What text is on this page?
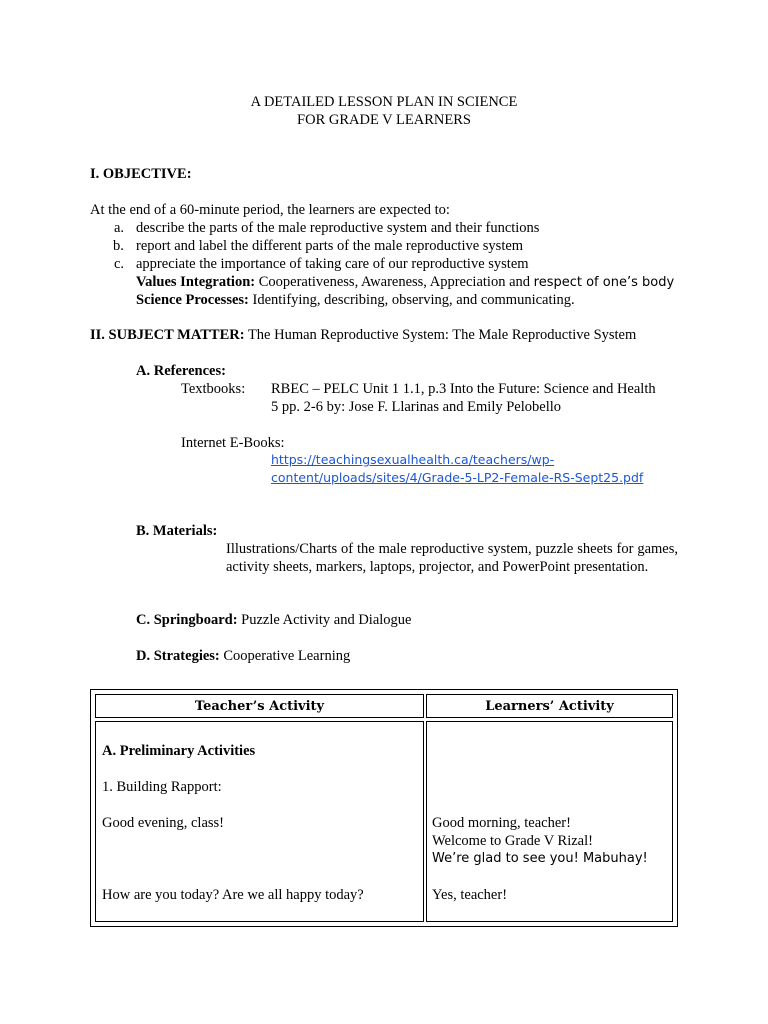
A DETAILED LESSON PLAN IN SCIENCE
FOR GRADE V LEARNERS
I. OBJECTIVE:
At the end of a 60-minute period, the learners are expected to:
a. describe the parts of the male reproductive system and their functions
b. report and label the different parts of the male reproductive system
c. appreciate the importance of taking care of our reproductive system
Values Integration: Cooperativeness, Awareness, Appreciation and respect of one’s body
Science Processes: Identifying, describing, observing, and communicating.
II. SUBJECT MATTER: The Human Reproductive System: The Male Reproductive System
A. References:
Textbooks: RBEC – PELC Unit 1 1.1, p.3 Into the Future: Science and Health
5 pp. 2-6 by: Jose F. Llarinas and Emily Pelobello
Internet E-Books:
https://teachingsexualhealth.ca/teachers/wp-
content/uploads/sites/4/Grade-5-LP2-Female-RS-Sept25.pdf
B. Materials:
Illustrations/Charts of the male reproductive system, puzzle sheets for games, activity sheets, markers, laptops, projector, and PowerPoint presentation.
C. Springboard: Puzzle Activity and Dialogue
D. Strategies: Cooperative Learning
Teacher’s Activity	Learners’ Activity
A. Preliminary Activities
1. Building Rapport:
Good evening, class!
How are you today? Are we all happy today?
Good morning, teacher!
Welcome to Grade V Rizal!
We’re glad to see you! Mabuhay!
Yes, teacher!
